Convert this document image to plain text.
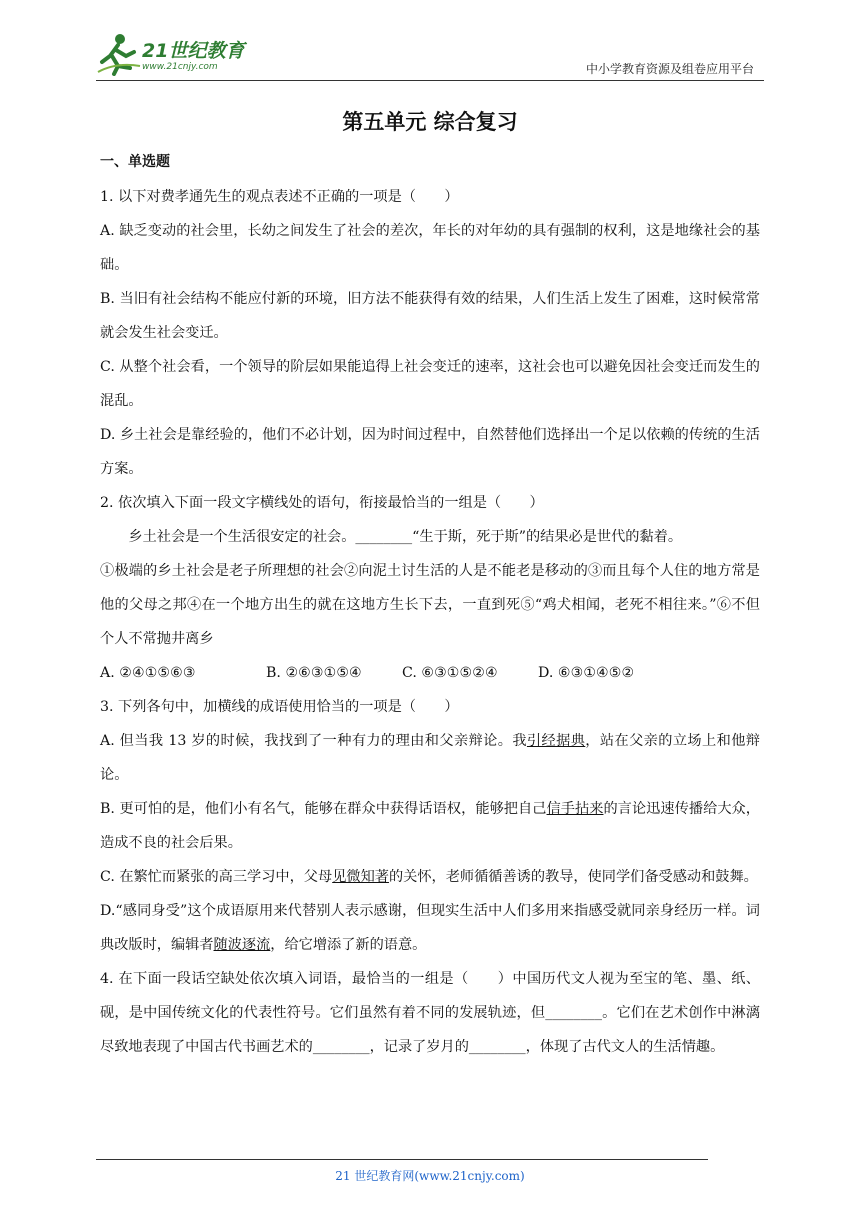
21世纪教育
www.21cnjy.com	中小学教育资源及组卷应用平台
第五单元 综合复习
一、单选题

1. 以下对费孝通先生的观点表述不正确的一项是（　　）

A. 缺乏变动的社会里，长幼之间发生了社会的差次，年长的对年幼的具有强制的权利，这是地缘社会的基础。

B. 当旧有社会结构不能应付新的环境，旧方法不能获得有效的结果，人们生活上发生了困难，这时候常常就会发生社会变迁。

C. 从整个社会看，一个领导的阶层如果能追得上社会变迁的速率，这社会也可以避免因社会变迁而发生的混乱。

D. 乡土社会是靠经验的，他们不必计划，因为时间过程中，自然替他们选择出一个足以依赖的传统的生活方案。

2. 依次填入下面一段文字横线处的语句，衔接最恰当的一组是（　　）

乡土社会是一个生活很安定的社会。________“生于斯，死于斯”的结果必是世代的黏着。

①极端的乡土社会是老子所理想的社会②向泥土讨生活的人是不能老是移动的③而且每个人住的地方常是他的父母之邦④在一个地方出生的就在这地方生长下去，一直到死⑤“鸡犬相闻，老死不相往来。”⑥不但个人不常抛井离乡

A. ②④①⑤⑥③	B. ②⑥③①⑤④	C. ⑥③①⑤②④	D. ⑥③①④⑤②

3. 下列各句中，加横线的成语使用恰当的一项是（　　）

A. 但当我 13 岁的时候，我找到了一种有力的理由和父亲辩论。我引经据典，站在父亲的立场上和他辩论。

B. 更可怕的是，他们小有名气，能够在群众中获得话语权，能够把自己信手拈来的言论迅速传播给大众，造成不良的社会后果。

C. 在繁忙而紧张的高三学习中，父母见微知著的关怀，老师循循善诱的教导，使同学们备受感动和鼓舞。

D.“感同身受”这个成语原用来代替别人表示感谢，但现实生活中人们多用来指感受就同亲身经历一样。词典改版时，编辑者随波逐流，给它增添了新的语意。

4. 在下面一段话空缺处依次填入词语，最恰当的一组是（　　）中国历代文人视为至宝的笔、墨、纸、砚，是中国传统文化的代表性符号。它们虽然有着不同的发展轨迹，但________。它们在艺术创作中淋漓尽致地表现了中国古代书画艺术的________，记录了岁月的________，体现了古代文人的生活情趣。

21 世纪教育网(www.21cnjy.com)
